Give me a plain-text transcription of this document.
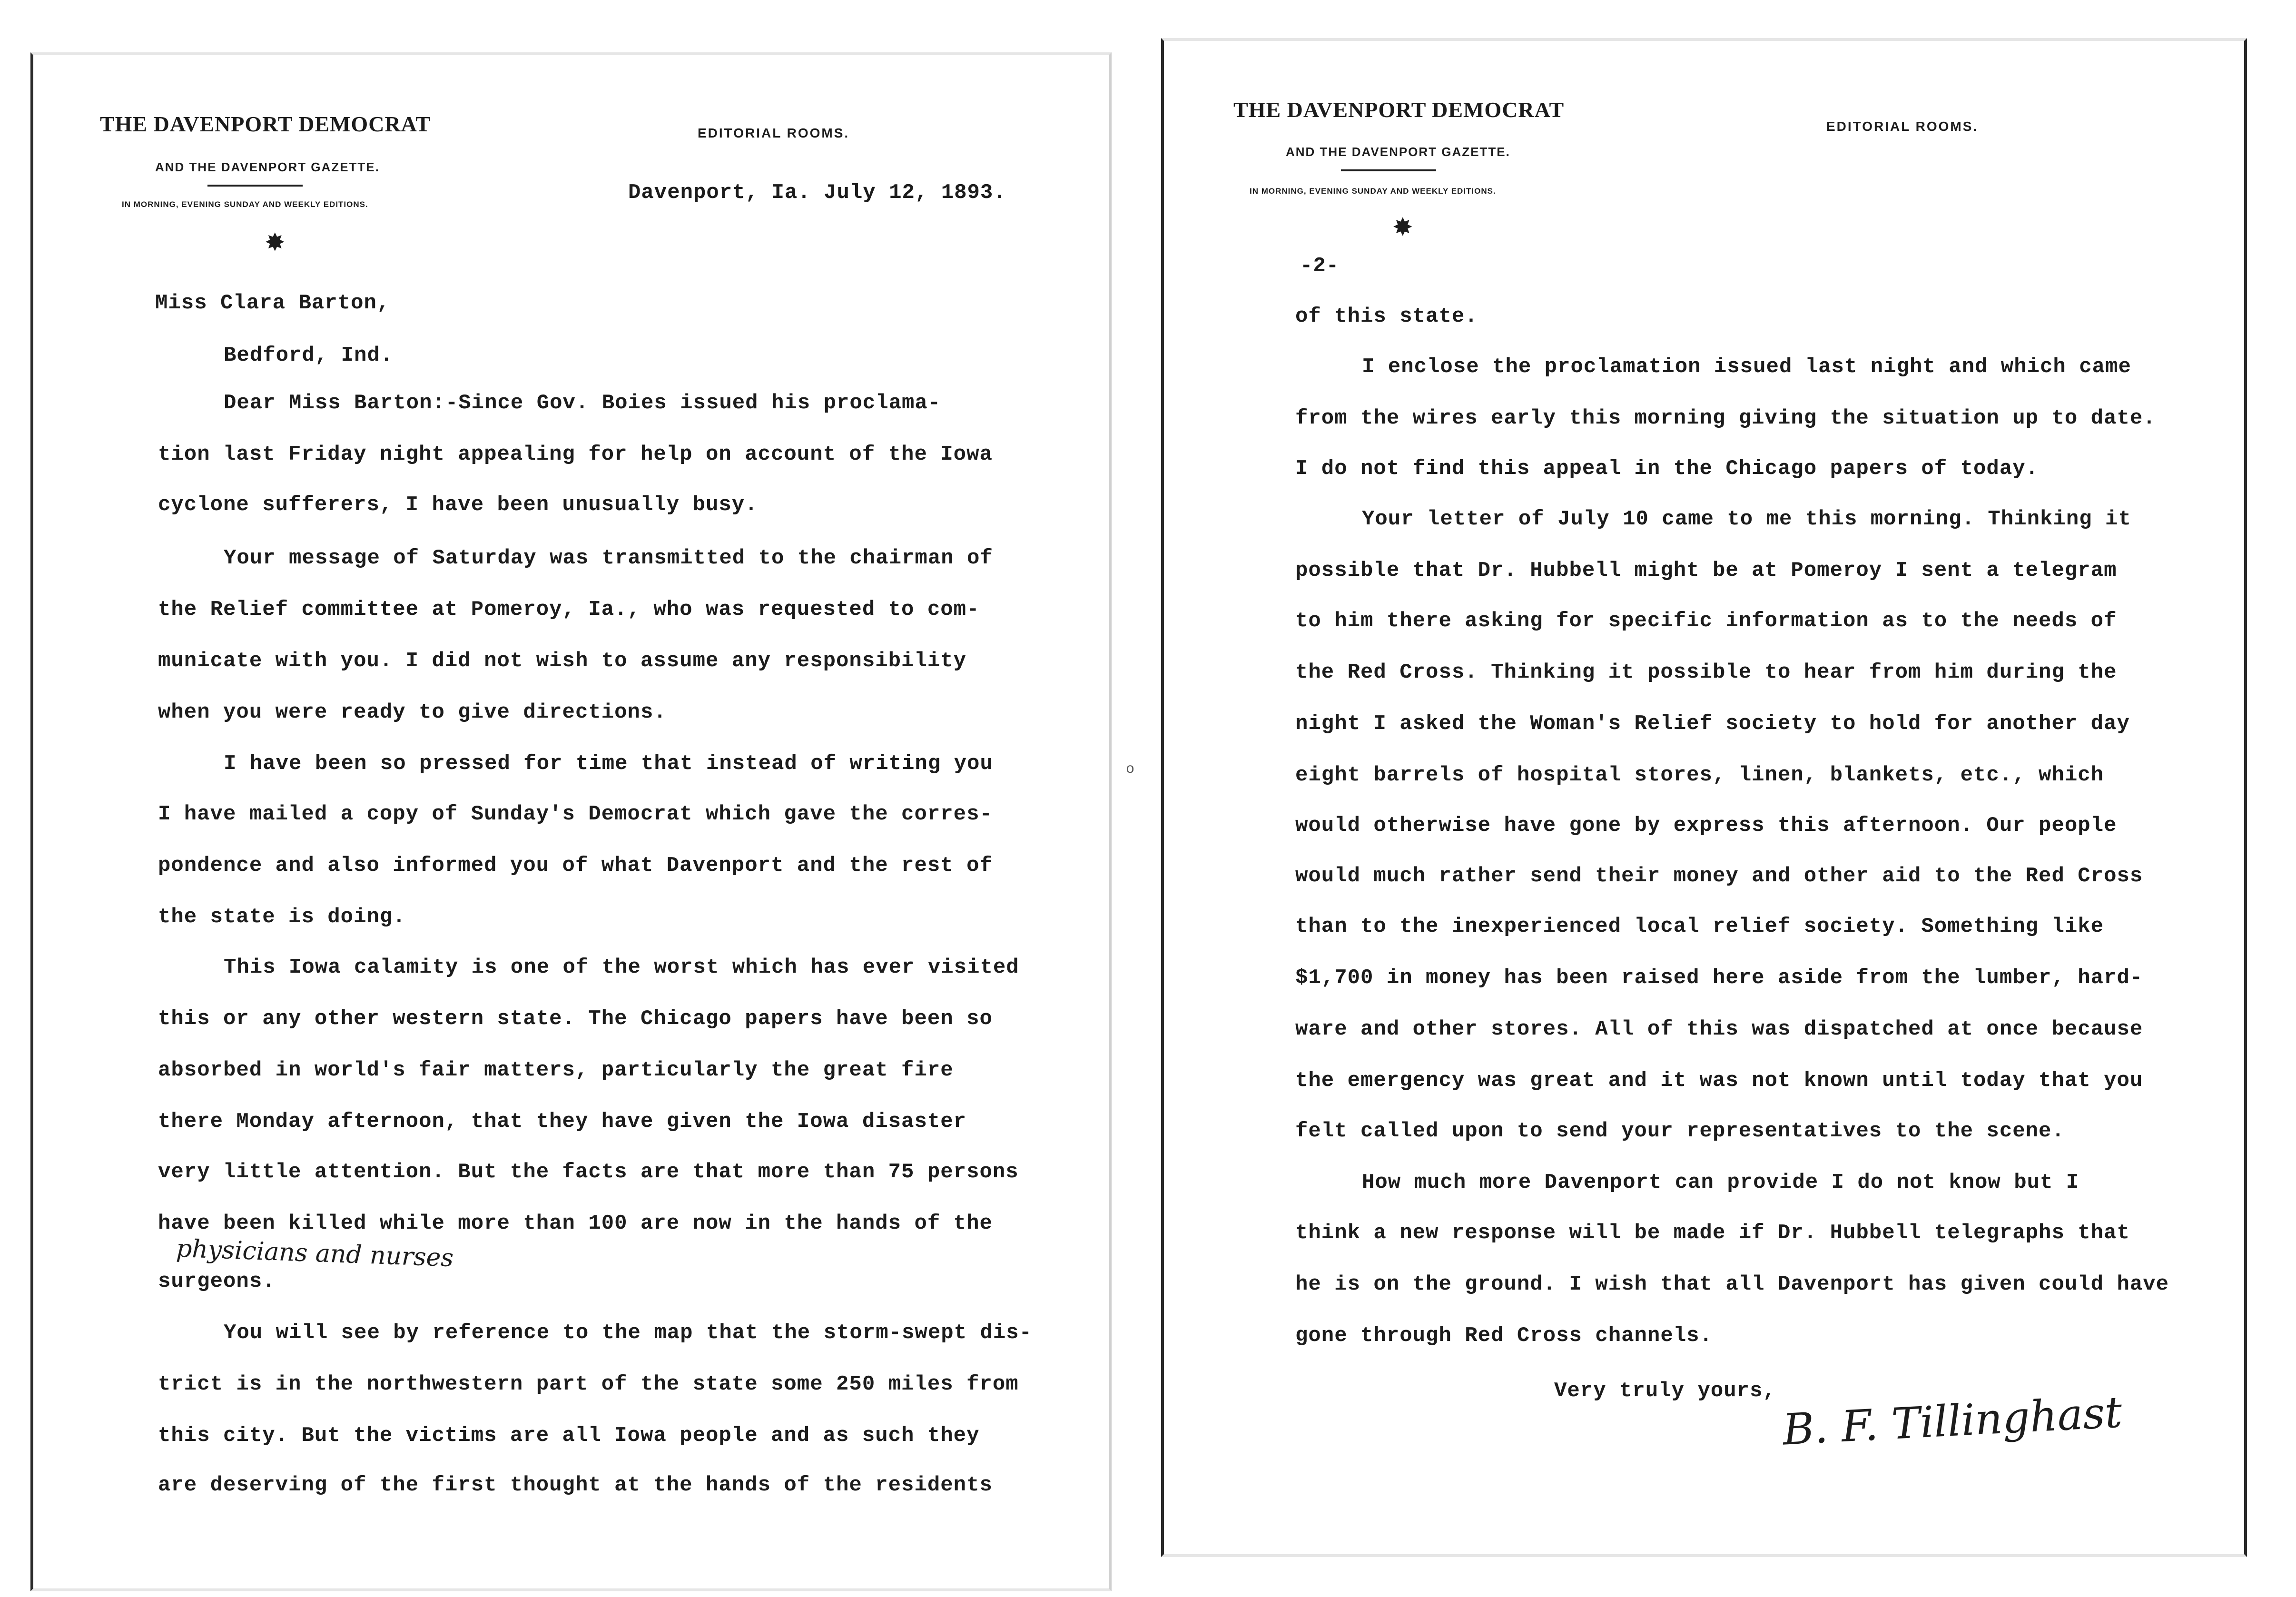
THE DAVENPORT DEMOCRAT
AND THE DAVENPORT GAZETTE.
IN MORNING, EVENING SUNDAY AND WEEKLY EDITIONS.
✸
EDITORIAL ROOMS.
Davenport, Ia. July 12, 1893.
Miss Clara Barton,
Bedford, Ind.
Dear Miss Barton:-Since Gov. Boies issued his proclama-
tion last Friday night appealing for help on account of the Iowa
cyclone sufferers, I have been unusually busy.
Your message of Saturday was transmitted to the chairman of
the Relief committee at Pomeroy, Ia., who was requested to com-
municate with you. I did not wish to assume any responsibility
when you were ready to give directions.
I have been so pressed for time that instead of writing you
I have mailed a copy of Sunday's Democrat which gave the corres-
pondence and also informed you of what Davenport and the rest of
the state is doing.
This Iowa calamity is one of the worst which has ever visited
this or any other western state. The Chicago papers have been so
absorbed in world's fair matters, particularly the great fire
there Monday afternoon, that they have given the Iowa disaster
very little attention. But the facts are that more than 75 persons
have been killed while more than 100 are now in the hands of the
physicians and nurses
surgeons.
You will see by reference to the map that the storm-swept dis-
trict is in the northwestern part of the state some 250 miles from
this city. But the victims are all Iowa people and as such they
are deserving of the first thought at the hands of the residents
o
THE DAVENPORT DEMOCRAT
AND THE DAVENPORT GAZETTE.
IN MORNING, EVENING SUNDAY AND WEEKLY EDITIONS.
✸
EDITORIAL ROOMS.
-2-
of this state.
I enclose the proclamation issued last night and which came
from the wires early this morning giving the situation up to date.
I do not find this appeal in the Chicago papers of today.
Your letter of July 10 came to me this morning. Thinking it
possible that Dr. Hubbell might be at Pomeroy I sent a telegram
to him there asking for specific information as to the needs of
the Red Cross. Thinking it possible to hear from him during the
night I asked the Woman's Relief society to hold for another day
eight barrels of hospital stores, linen, blankets, etc., which
would otherwise have gone by express this afternoon. Our people
would much rather send their money and other aid to the Red Cross
than to the inexperienced local relief society. Something like
$1,700 in money has been raised here aside from the lumber, hard-
ware and other stores. All of this was dispatched at once because
the emergency was great and it was not known until today that you
felt called upon to send your representatives to the scene.
How much more Davenport can provide I do not know but I
think a new response will be made if Dr. Hubbell telegraphs that
he is on the ground. I wish that all Davenport has given could have
gone through Red Cross channels.
Very truly yours, B. F. Tillinghast
